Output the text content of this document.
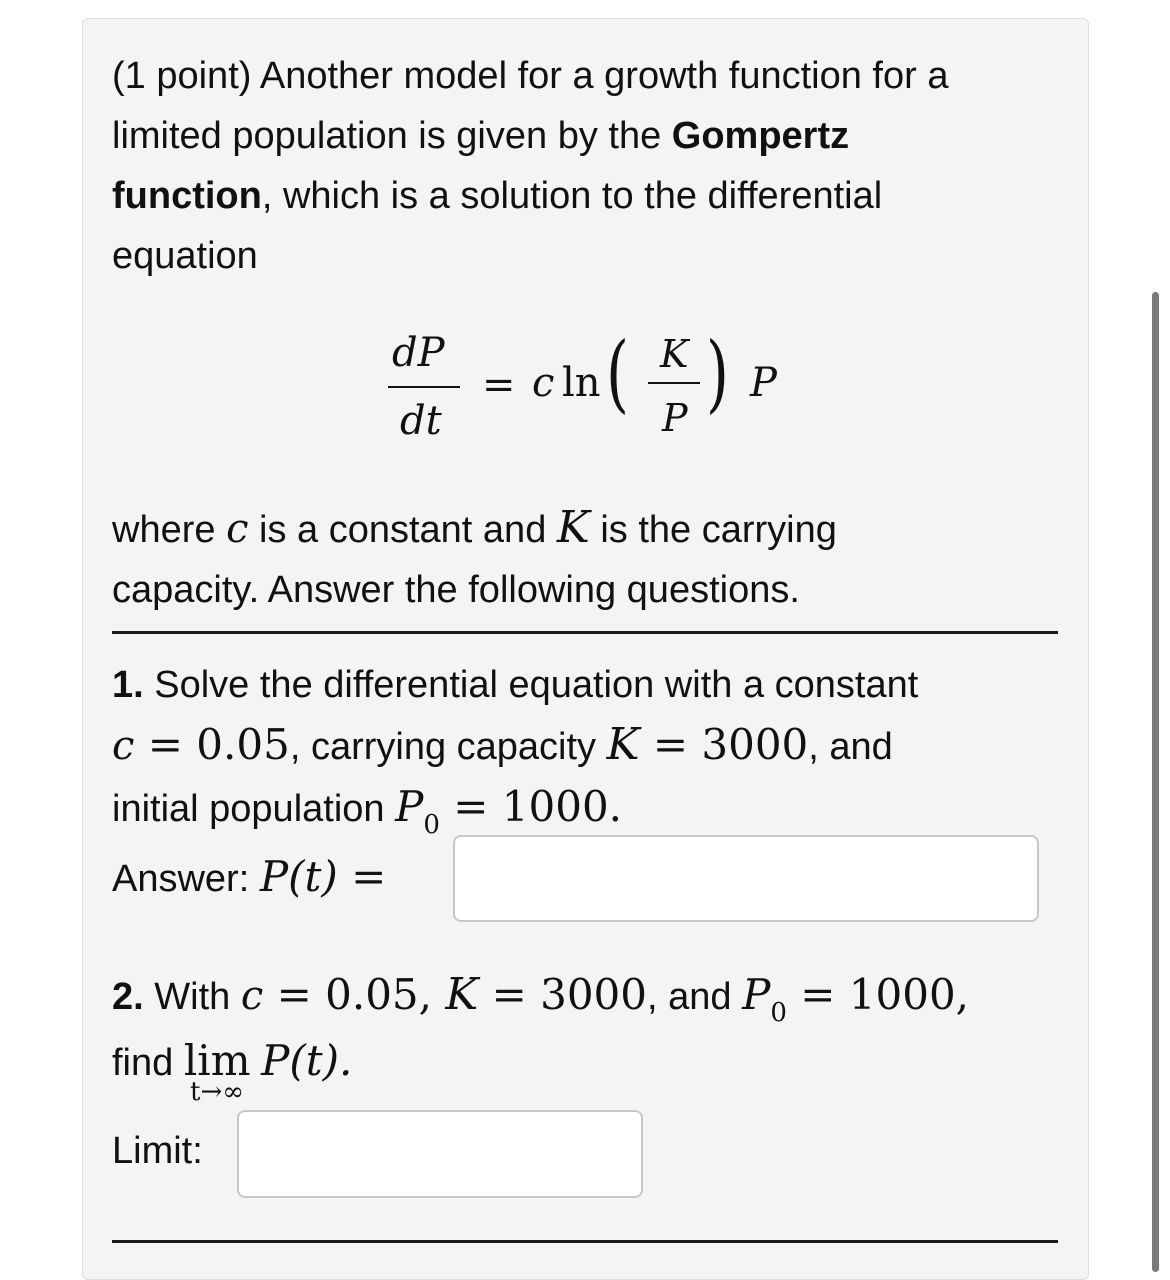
(1 point) Another model for a growth function for a
limited population is given by the Gompertz
function, which is a solution to the differential
equation
dP
dt
= c ln ( K
P ) P
where c is a constant and K is the carrying
capacity. Answer the following questions.
1. Solve the differential equation with a constant
c = 0.05, carrying capacity K = 3000, and
initial population $P_0 = 1000$.
Answer: P(t) =
2. With c = 0.05, K = 3000, and $P_0 = 1000$,
find lim P(t).
t→∞
Limit:
